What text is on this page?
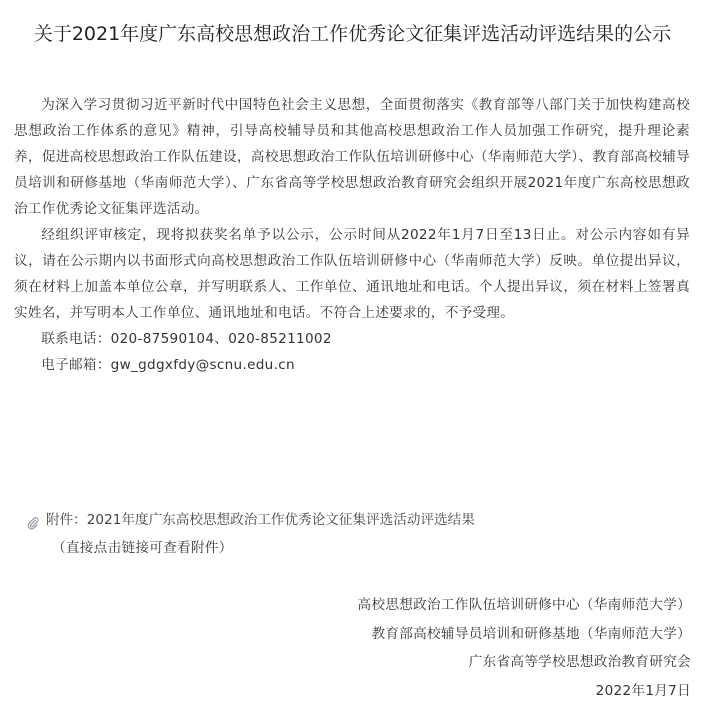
关于2021年度广东高校思想政治工作优秀论文征集评选活动评选结果的公示

为深入学习贯彻习近平新时代中国特色社会主义思想，全面贯彻落实《教育部等八部门关于加快构建高校思想政治工作体系的意见》精神，引导高校辅导员和其他高校思想政治工作人员加强工作研究，提升理论素养，促进高校思想政治工作队伍建设，高校思想政治工作队伍培训研修中心（华南师范大学）、教育部高校辅导员培训和研修基地（华南师范大学）、广东省高等学校思想政治教育研究会组织开展2021年度广东高校思想政治工作优秀论文征集评选活动。

经组织评审核定，现将拟获奖名单予以公示，公示时间从2022年1月7日至13日止。对公示内容如有异议，请在公示期内以书面形式向高校思想政治工作队伍培训研修中心（华南师范大学）反映。单位提出异议，须在材料上加盖本单位公章，并写明联系人、工作单位、通讯地址和电话。个人提出异议，须在材料上签署真实姓名，并写明本人工作单位、通讯地址和电话。不符合上述要求的，不予受理。

联系电话：020-87590104、020-85211002

电子邮箱：gw_gdgxfdy@scnu.edu.cn

附件： 2021年度广东高校思想政治工作优秀论文征集评选活动评选结果
（直接点击链接可查看附件）
高校思想政治工作队伍培训研修中心（华南师范大学）
教育部高校辅导员培训和研修基地（华南师范大学）
广东省高等学校思想政治教育研究会
2022年1月7日
